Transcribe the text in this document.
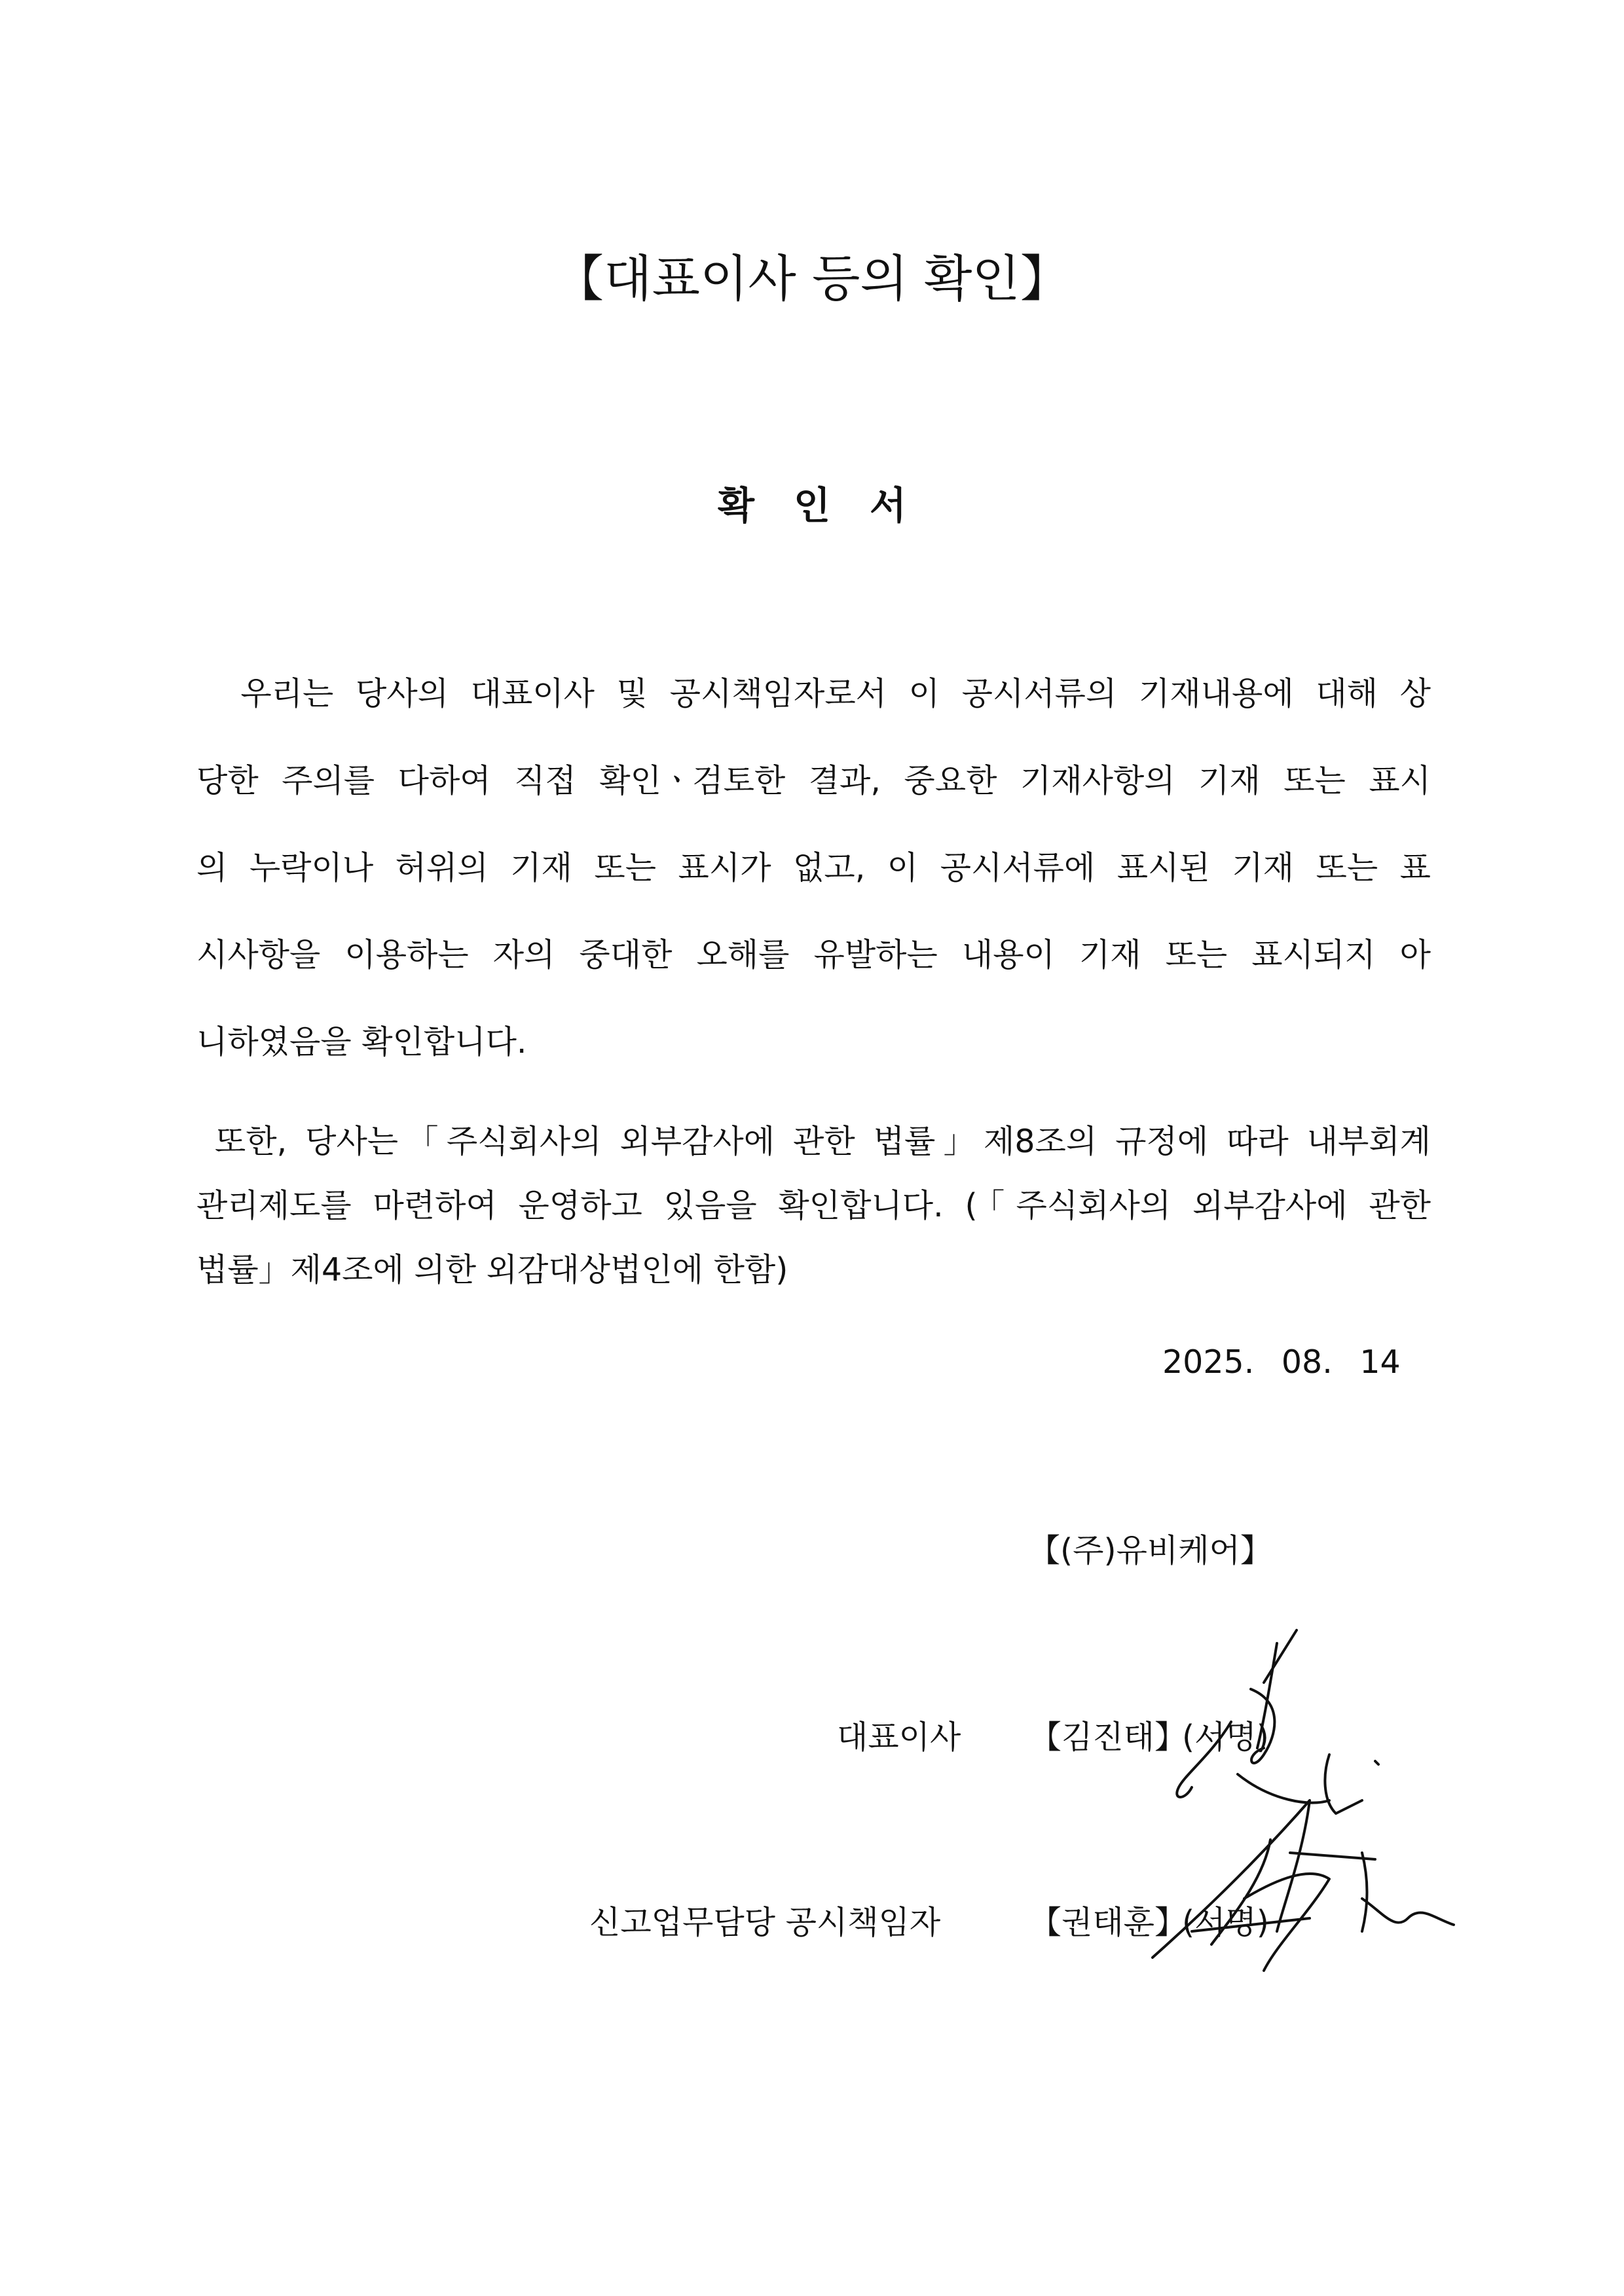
【대표이사 등의 확인】
확인서
우리는 당사의 대표이사 및 공시책임자로서 이 공시서류의 기재내용에 대해 상
당한 주의를 다하여 직접 확인ㆍ검토한 결과, 중요한 기재사항의 기재 또는 표시
의 누락이나 허위의 기재 또는 표시가 없고, 이 공시서류에 표시된 기재 또는 표
시사항을 이용하는 자의 중대한 오해를 유발하는 내용이 기재 또는 표시되지 아
니하였음을 확인합니다.
또한, 당사는「주식회사의 외부감사에 관한 법률」제8조의 규정에 따라 내부회계
관리제도를 마련하여 운영하고 있음을 확인합니다. (「주식회사의 외부감사에 관한
법률」제4조에 의한 외감대상법인에 한함)
2025. 08. 14
【(주)유비케어】
대표이사 【김진태】
(서명)
신고업무담당 공시책임자	【권태훈】
(서명)
